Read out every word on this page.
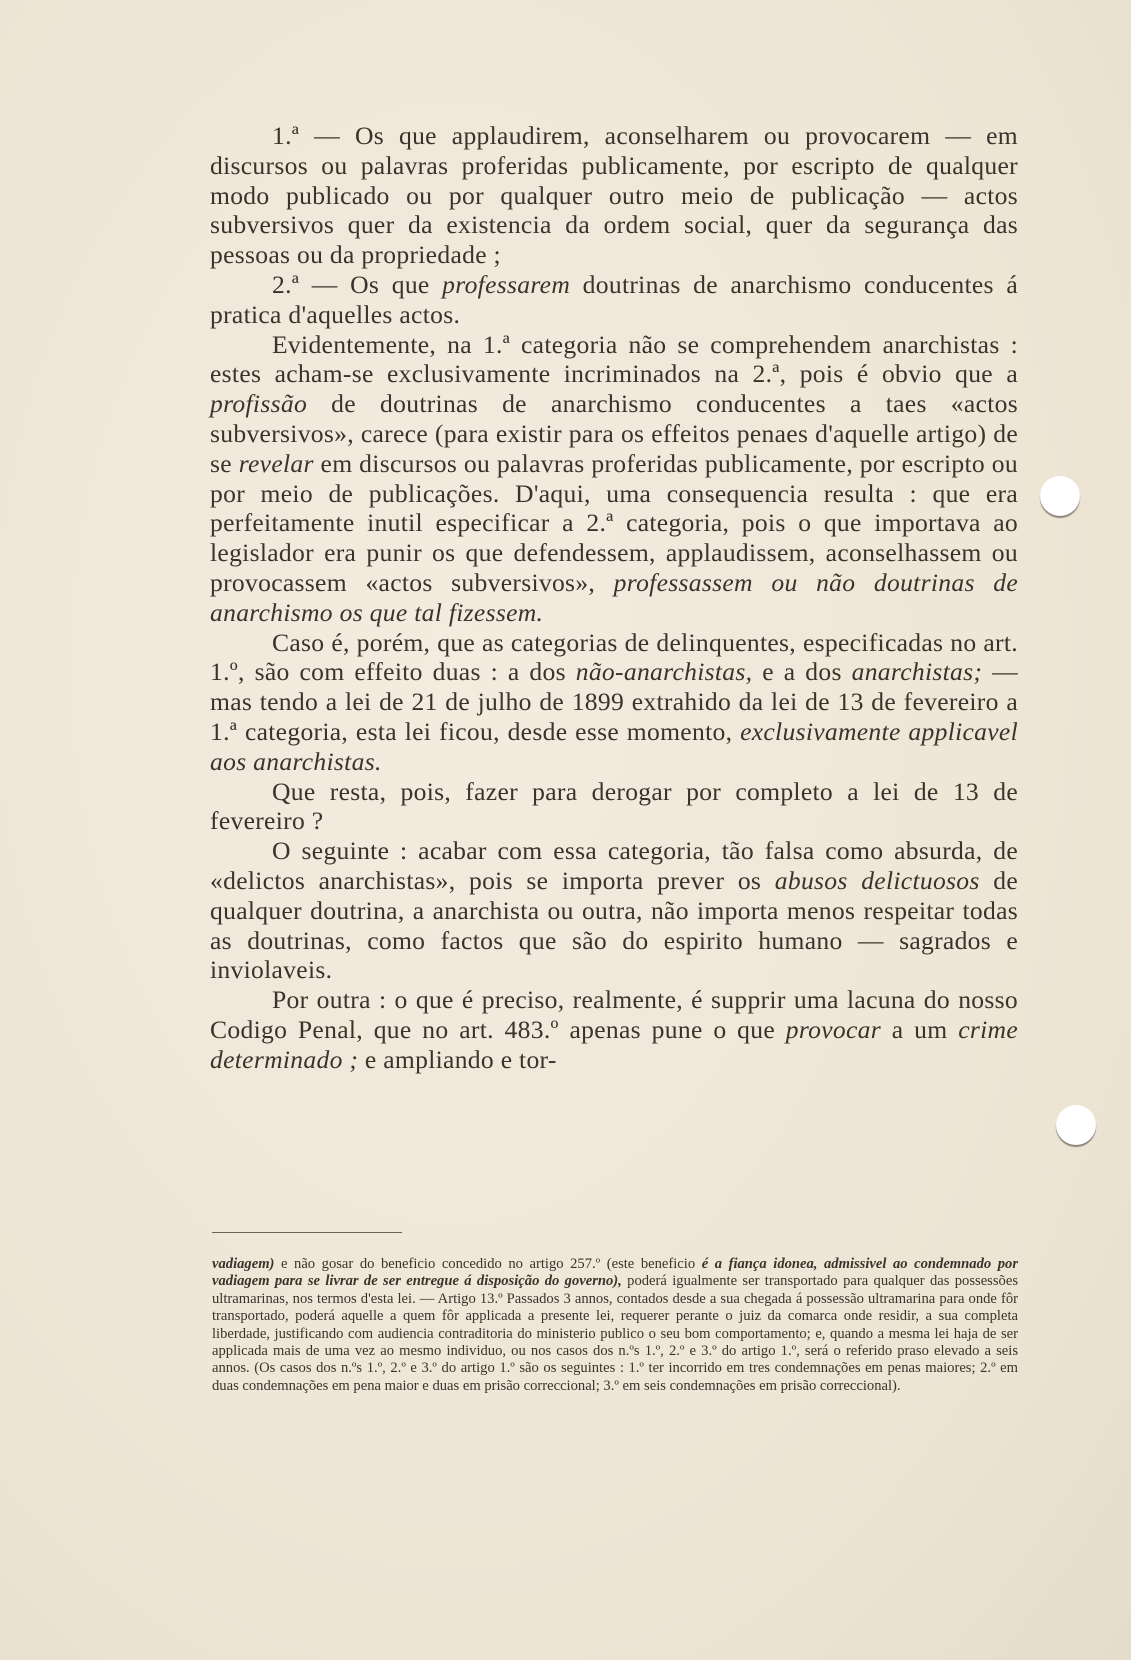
1.ª — Os que applaudirem, aconselharem ou provocarem — em discursos ou palavras proferidas publicamente, por escripto de qualquer modo publicado ou por qualquer outro meio de publicação — actos subversivos quer da existencia da ordem social, quer da segurança das pessoas ou da propriedade ;

2.ª — Os que professarem doutrinas de anarchismo conducentes á pratica d'aquelles actos.

Evidentemente, na 1.ª categoria não se comprehendem anarchistas : estes acham-se exclusivamente incriminados na 2.ª, pois é obvio que a profissão de doutrinas de anarchismo conducentes a taes «actos subversivos», carece (para existir para os effeitos penaes d'aquelle artigo) de se revelar em discursos ou palavras proferidas publicamente, por escripto ou por meio de publicações. D'aqui, uma consequencia resulta : que era perfeitamente inutil especificar a 2.ª categoria, pois o que importava ao legislador era punir os que defendessem, applaudissem, aconselhassem ou provocassem «actos subversivos», professassem ou não doutrinas de anarchismo os que tal fizessem.

Caso é, porém, que as categorias de delinquentes, especificadas no art. 1.º, são com effeito duas : a dos não-anarchistas, e a dos anarchistas; — mas tendo a lei de 21 de julho de 1899 extrahido da lei de 13 de fevereiro a 1.ª categoria, esta lei ficou, desde esse momento, exclusivamente applicavel aos anarchistas.

Que resta, pois, fazer para derogar por completo a lei de 13 de fevereiro ?

O seguinte : acabar com essa categoria, tão falsa como absurda, de «delictos anarchistas», pois se importa prever os abusos delictuosos de qualquer doutrina, a anarchista ou outra, não importa menos respeitar todas as doutrinas, como factos que são do espirito humano — sagrados e inviolaveis.

Por outra : o que é preciso, realmente, é supprir uma lacuna do nosso Codigo Penal, que no art. 483.º apenas pune o que provocar a um crime determinado ; e ampliando e tor-

vadiagem) e não gosar do beneficio concedido no artigo 257.º (este beneficio é a fiança idonea, admissivel ao condemnado por vadiagem para se livrar de ser entregue á disposição do governo), poderá igualmente ser transportado para qualquer das possessões ultramarinas, nos termos d'esta lei. — Artigo 13.º Passados 3 annos, contados desde a sua chegada á possessão ultramarina para onde fôr transportado, poderá aquelle a quem fôr applicada a presente lei, requerer perante o juiz da comarca onde residir, a sua completa liberdade, justificando com audiencia contraditoria do ministerio publico o seu bom comportamento; e, quando a mesma lei haja de ser applicada mais de uma vez ao mesmo individuo, ou nos casos dos n.ºs 1.º, 2.º e 3.º do artigo 1.º, será o referido praso elevado a seis annos. (Os casos dos n.ºs 1.º, 2.º e 3.º do artigo 1.º são os seguintes : 1.º ter incorrido em tres condemnações em penas maiores; 2.º em duas condemnações em pena maior e duas em prisão correccional; 3.º em seis condemnações em prisão correccional).
